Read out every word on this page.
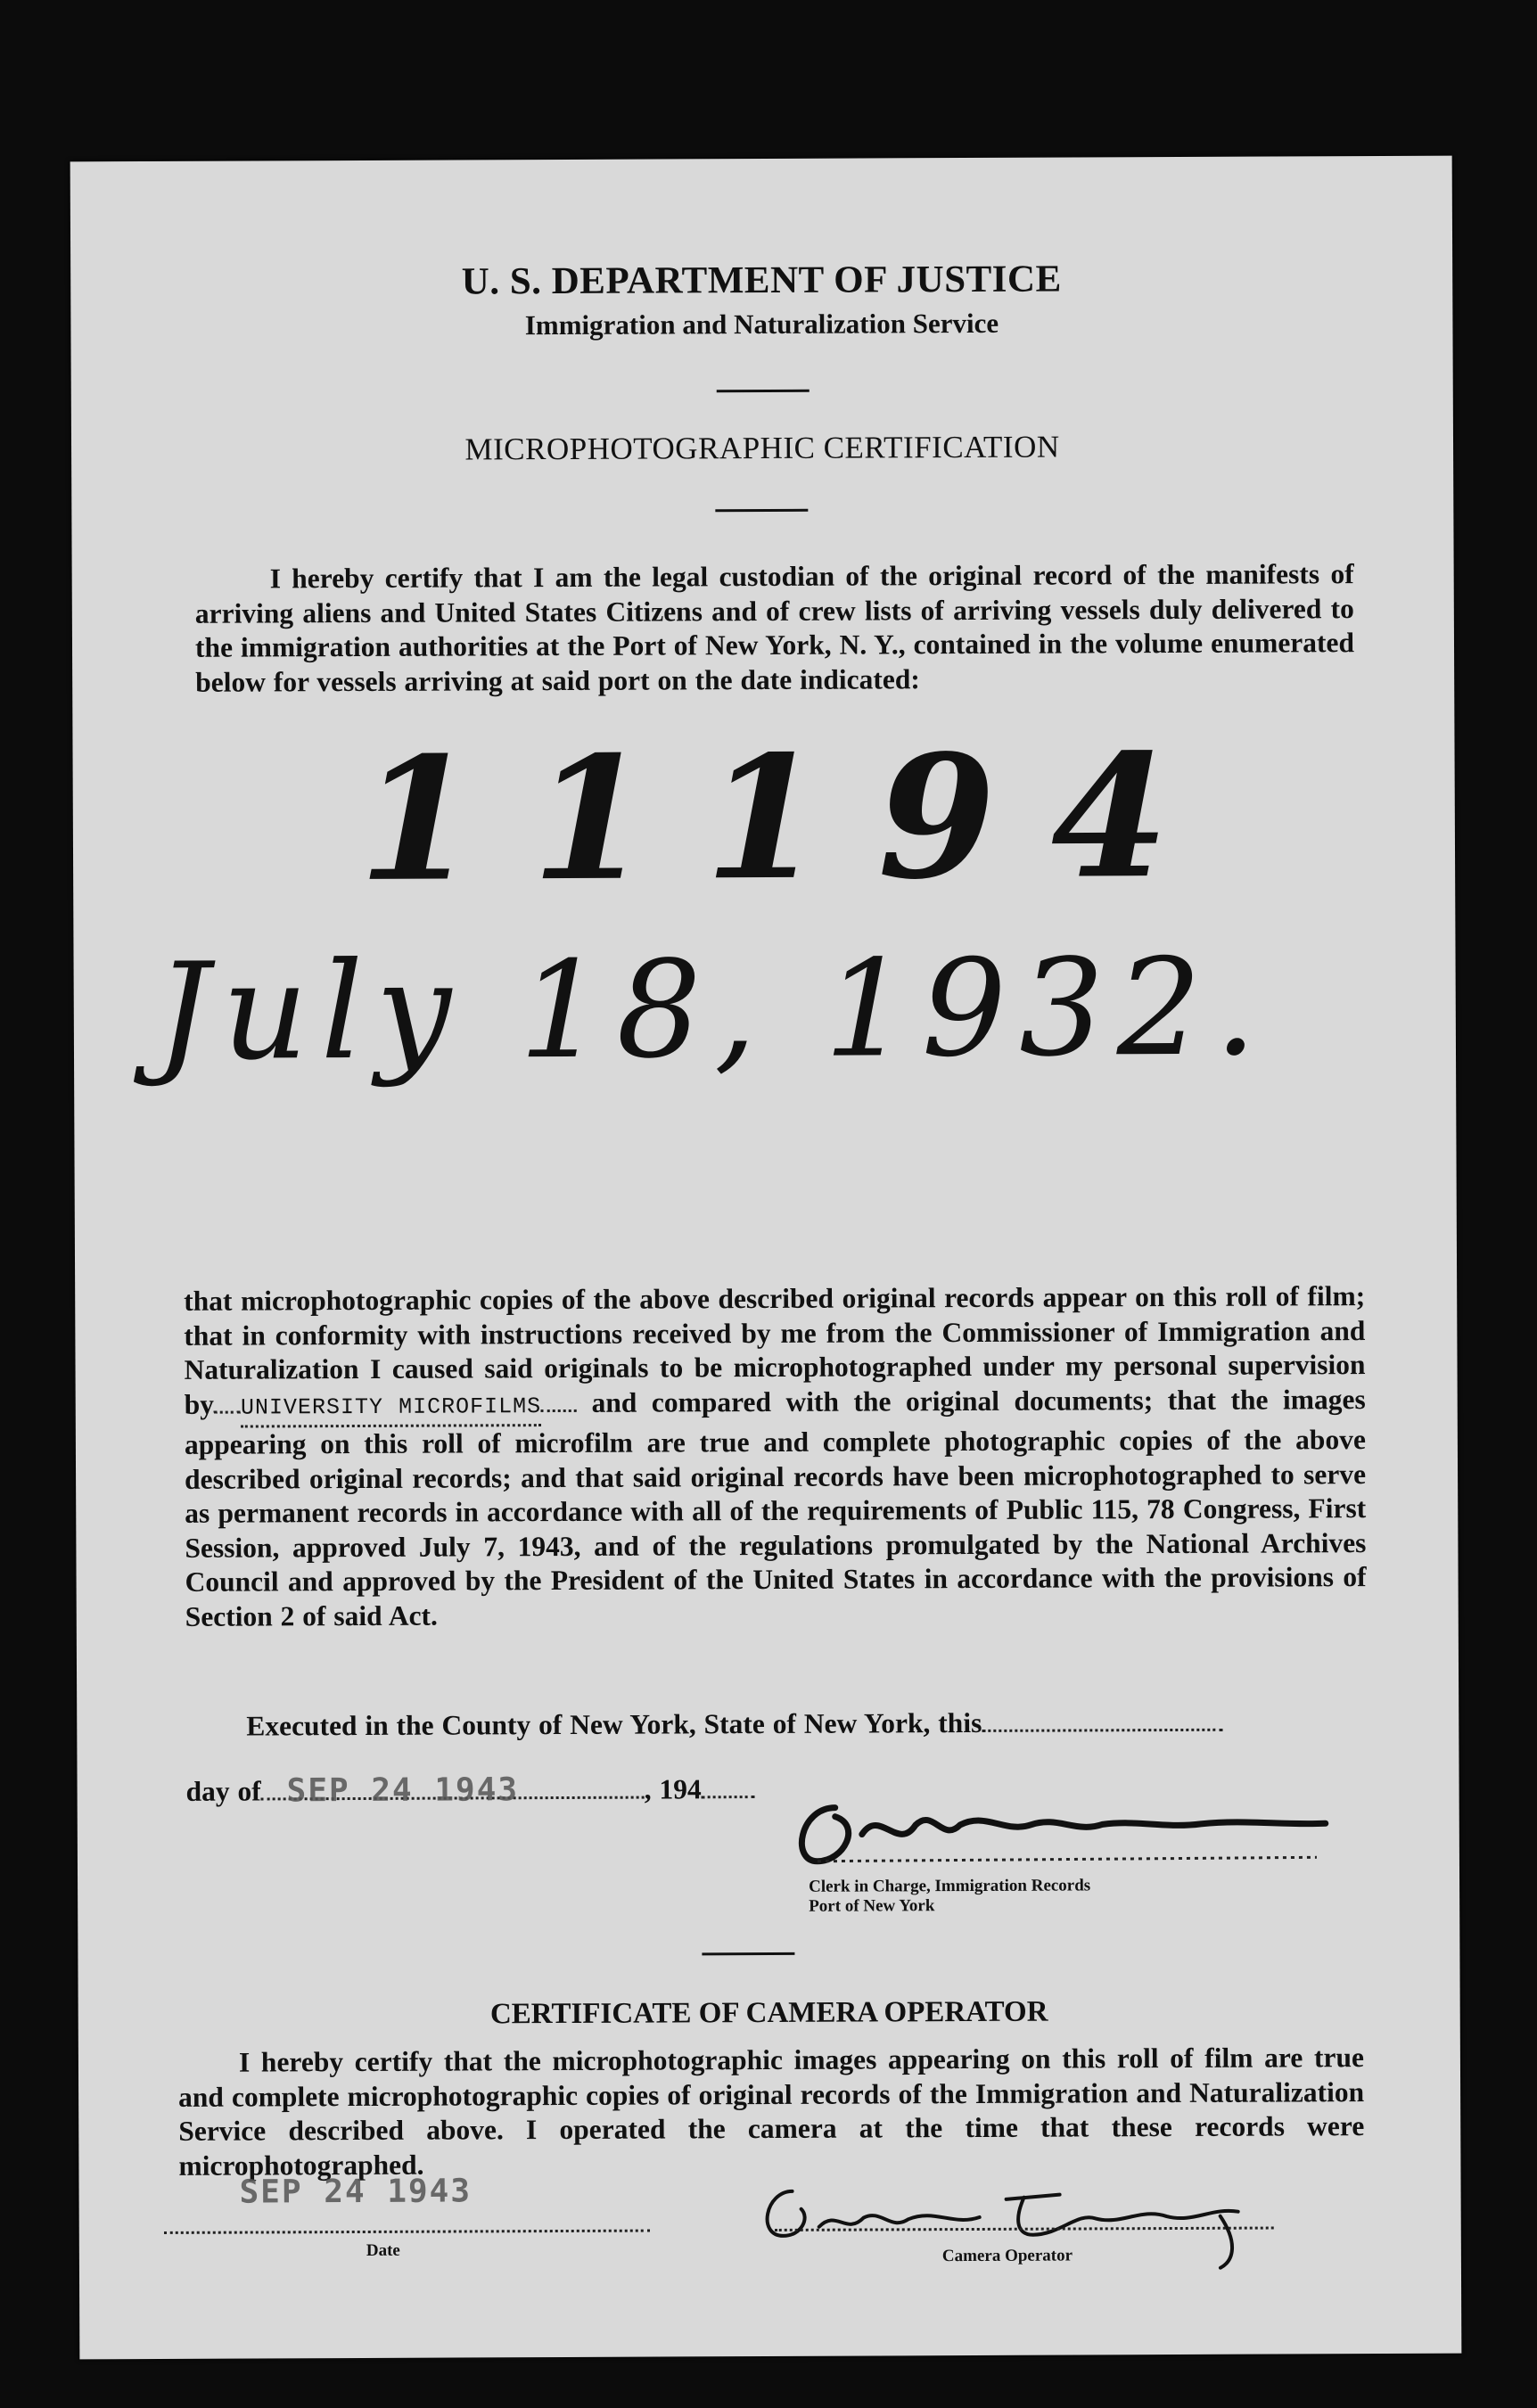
U. S. DEPARTMENT OF JUSTICE
Immigration and Naturalization Service
MICROPHOTOGRAPHIC CERTIFICATION
I hereby certify that I am the legal custodian of the original record of the manifests of arriving aliens and United States Citizens and of crew lists of arriving vessels duly delivered to the immigration authorities at the Port of New York, N. Y., contained in the volume enumerated below for vessels arriving at said port on the date indicated:
11194
July 18, 1932.
that microphotographic copies of the above described original records appear on this roll of film; that in conformity with instructions received by me from the Commissioner of Immigration and Naturalization I caused said originals to be microphotographed under my personal supervision by UNIVERSITY MICROFILMS and compared with the original documents; that the images appearing on this roll of microfilm are true and complete photographic copies of the above described original records; and that said original records have been microphotographed to serve as permanent records in accordance with all of the requirements of Public 115, 78 Congress, First Session, approved July 7, 1943, and of the regulations promulgated by the National Archives Council and approved by the President of the United States in accordance with the provisions of Section 2 of said Act.
Executed in the County of New York, State of New York, this
day of	, 194
SEP 24 1943
Clerk in Charge, Immigration Records
Port of New York
CERTIFICATE OF CAMERA OPERATOR
I hereby certify that the microphotographic images appearing on this roll of film are true and complete microphotographic copies of original records of the Immigration and Naturalization Service described above. I operated the camera at the time that these records were microphotographed.
SEP 24 1943
Date	Camera Operator
